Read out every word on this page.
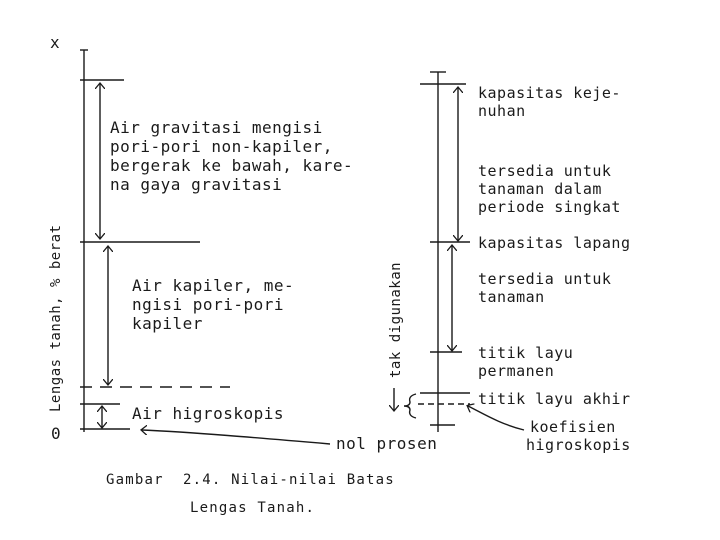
x
0
Lengas tanah, % berat
Air gravitasi mengisi
pori-pori non-kapiler,
bergerak ke bawah, kare-
na gaya gravitasi
Air kapiler, me-
ngisi pori-pori
kapiler
Air higroskopis
nol prosen
tak digunakan
kapasitas keje-
nuhan
tersedia untuk
tanaman dalam
periode singkat
kapasitas lapang
tersedia untuk
tanaman
titik layu
permanen
titik layu akhir
koefisien
higroskopis
Gambar  2.4. Nilai-nilai Batas
Lengas Tanah.
